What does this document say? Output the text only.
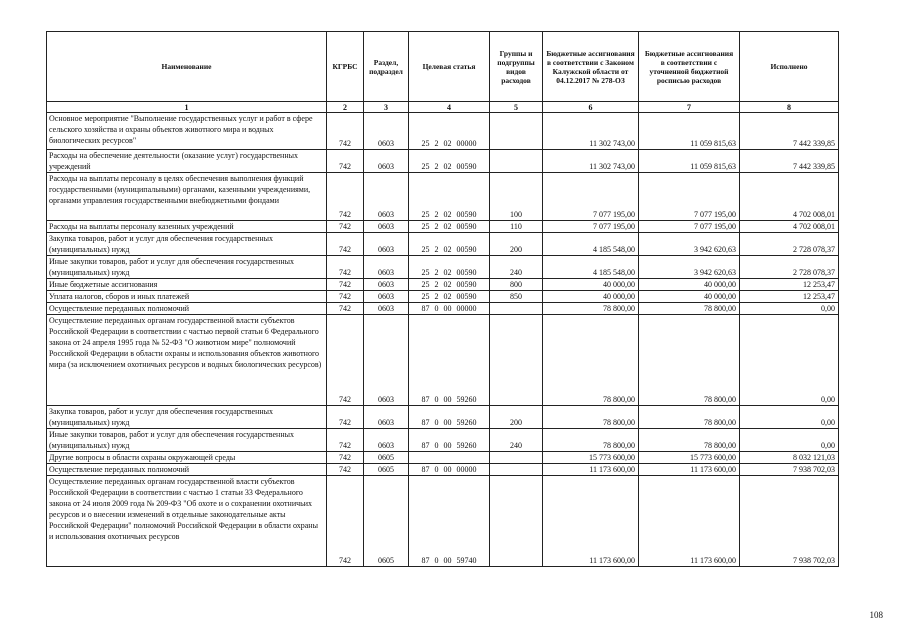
Наименование	КГРБС	Раздел, подраздел	Целевая статья	Группы и подгруппы видов расходов	Бюджетные ассигнования в соответствии с Законом Калужской области от 04.12.2017 № 278-ОЗ	Бюджетные ассигнования в соответствии с уточненной бюджетной росписью расходов	Исполнено
1	2	3	4	5	6	7	8
Основное мероприятие "Выполнение государственных услуг и работ в сфере сельского хозяйства и охраны объектов животного мира и водных биологических ресурсов"	742	0603	25 2 02 00000		11 302 743,00	11 059 815,63	7 442 339,85
Расходы на обеспечение деятельности (оказание услуг) государственных учреждений	742	0603	25 2 02 00590		11 302 743,00	11 059 815,63	7 442 339,85
Расходы на выплаты персоналу в целях обеспечения выполнения функций государственными (муниципальными) органами, казенными учреждениями, органами управления государственными внебюджетными фондами	742	0603	25 2 02 00590	100	7 077 195,00	7 077 195,00	4 702 008,01
Расходы на выплаты персоналу казенных учреждений	742	0603	25 2 02 00590	110	7 077 195,00	7 077 195,00	4 702 008,01
Закупка товаров, работ и услуг для обеспечения государственных (муниципальных) нужд	742	0603	25 2 02 00590	200	4 185 548,00	3 942 620,63	2 728 078,37
Иные закупки товаров, работ и услуг для обеспечения государственных (муниципальных) нужд	742	0603	25 2 02 00590	240	4 185 548,00	3 942 620,63	2 728 078,37
Иные бюджетные ассигнования	742	0603	25 2 02 00590	800	40 000,00	40 000,00	12 253,47
Уплата налогов, сборов и иных платежей	742	0603	25 2 02 00590	850	40 000,00	40 000,00	12 253,47
Осуществление переданных полномочий	742	0603	87 0 00 00000		78 800,00	78 800,00	0,00
Осуществление переданных органам государственной власти субъектов Российской Федерации в соответствии с частью первой статьи 6 Федерального закона от 24 апреля 1995 года № 52-ФЗ "О животном мире" полномочий Российской Федерации в области охраны и использования объектов животного мира (за исключением охотничьих ресурсов и водных биологических ресурсов)	742	0603	87 0 00 59260		78 800,00	78 800,00	0,00
Закупка товаров, работ и услуг для обеспечения государственных (муниципальных) нужд	742	0603	87 0 00 59260	200	78 800,00	78 800,00	0,00
Иные закупки товаров, работ и услуг для обеспечения государственных (муниципальных) нужд	742	0603	87 0 00 59260	240	78 800,00	78 800,00	0,00
Другие вопросы в области охраны окружающей среды	742	0605			15 773 600,00	15 773 600,00	8 032 121,03
Осуществление переданных полномочий	742	0605	87 0 00 00000		11 173 600,00	11 173 600,00	7 938 702,03
Осуществление переданных органам государственной власти субъектов Российской Федерации в соответствии с частью 1 статьи 33 Федерального закона от 24 июля 2009 года № 209-ФЗ "Об охоте и о сохранении охотничьих ресурсов и о внесении изменений в отдельные законодательные акты Российской Федерации" полномочий Российской Федерации в области охраны и использования охотничьих ресурсов	742	0605	87 0 00 59740		11 173 600,00	11 173 600,00	7 938 702,03
108
